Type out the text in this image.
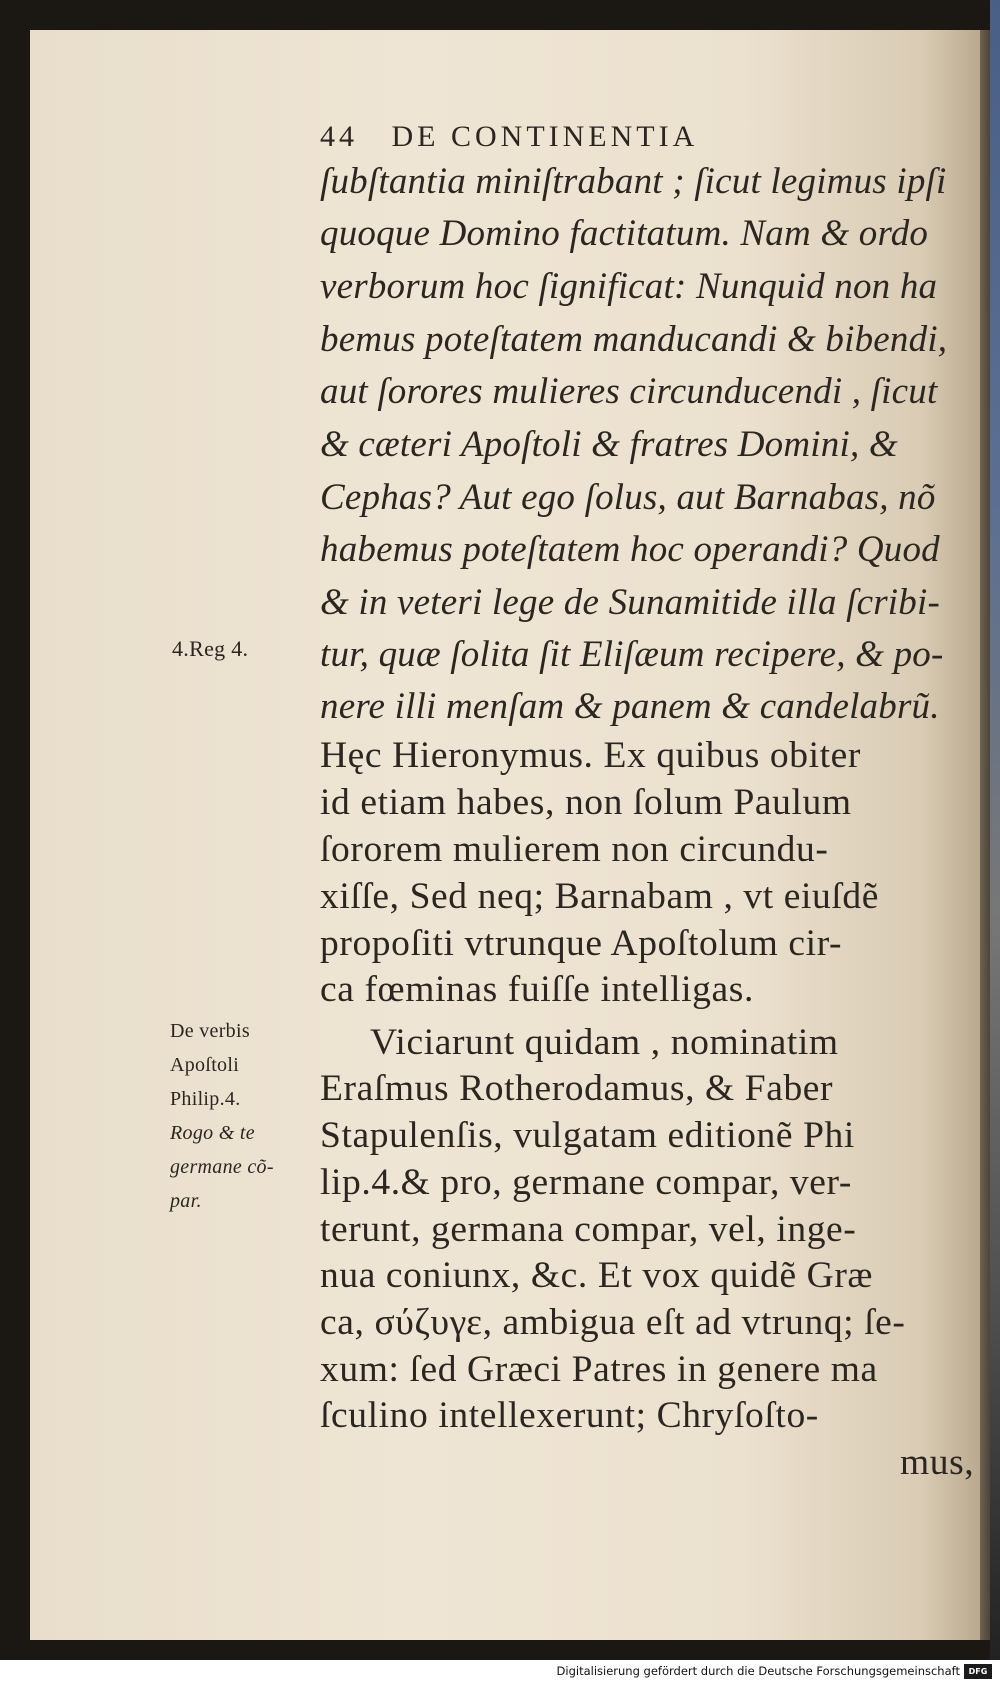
44 DE CONTINENTIA

ſubſtantia miniſtrabant ; ſicut legimus ipſi

quoque Domino factitatum. Nam & ordo

verborum hoc ſignificat: Nunquid non ha

bemus poteſtatem manducandi & bibendi,

aut ſorores mulieres circunducendi , ſicut

& cæteri Apoſtoli & fratres Domini, &

Cephas? Aut ego ſolus, aut Barnabas, nõ

habemus poteſtatem hoc operandi? Quod

& in veteri lege de Sunamitide illa ſcribi-

tur, quæ ſolita ſit Eliſæum recipere, & po-

nere illi menſam & panem & candelabrũ.

Hęc Hieronymus. Ex quibus obiter

id etiam habes, non ſolum Paulum

ſororem mulierem non circundu-

xiſſe, Sed neq; Barnabam , vt eiuſdẽ

propoſiti vtrunque Apoſtolum cir-

ca fœminas fuiſſe intelligas.

Viciarunt quidam , nominatim

Eraſmus Rotherodamus, & Faber

Stapulenſis, vulgatam editionẽ Phi

lip.4.& pro, germane compar, ver-

terunt, germana compar, vel, inge-

nua coniunx, &c. Et vox quidẽ Græ

ca, σύζυγε, ambigua eſt ad vtrunq; ſe-

xum: ſed Græci Patres in genere ma

ſculino intellexerunt; Chryſoſto-

mus,

4.Reg 4.

De verbis

Apoſtoli

Philip.4.

Rogo & te

germane cõ-

par.

Digitalisierung gefördert durch die Deutsche Forschungsgemeinschaft	DFG
